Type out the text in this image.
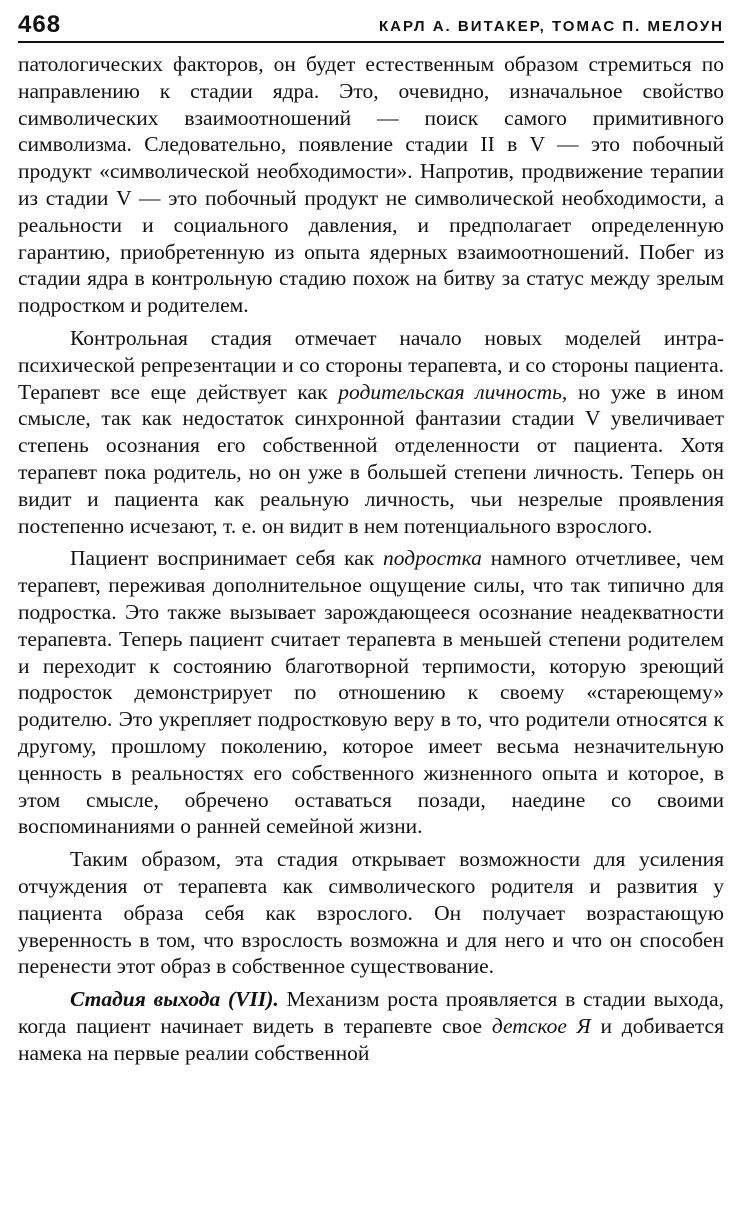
468	КАРЛ А. ВИТАКЕР, ТОМАС П. МЕЛОУН

патологических факторов, он будет естественным образом стремиться по направлению к стадии ядра. Это, очевидно, изначальное свойство символических взаимоотношений — поиск самого примитивного символизма. Следовательно, появление стадии II в V — это побочный продукт «символической необходимости». Напротив, продвижение терапии из стадии V — это побочный продукт не символической необходимости, а реальности и социального давления, и предполагает определенную гарантию, приобретенную из опыта ядерных взаимоотношений. Побег из стадии ядра в контрольную стадию похож на битву за статус между зрелым подростком и родителем.

Контрольная стадия отмечает начало новых моделей интра-психической репрезентации и со стороны терапевта, и со стороны пациента. Терапевт все еще действует как родительская личность, но уже в ином смысле, так как недостаток синхронной фантазии стадии V увеличивает степень осознания его собственной отделенности от пациента. Хотя терапевт пока родитель, но он уже в большей степени личность. Теперь он видит и пациента как реальную личность, чьи незрелые проявления постепенно исчезают, т. е. он видит в нем потенциального взрослого.

Пациент воспринимает себя как подростка намного отчетливее, чем терапевт, переживая дополнительное ощущение силы, что так типично для подростка. Это также вызывает зарождающееся осознание неадекватности терапевта. Теперь пациент считает терапевта в меньшей степени родителем и переходит к состоянию благотворной терпимости, которую зреющий подросток демонстрирует по отношению к своему «стареющему» родителю. Это укрепляет подростковую веру в то, что родители относятся к другому, прошлому поколению, которое имеет весьма незначительную ценность в реальностях его собственного жизненного опыта и которое, в этом смысле, обречено оставаться позади, наедине со своими воспоминаниями о ранней семейной жизни.

Таким образом, эта стадия открывает возможности для усиления отчуждения от терапевта как символического родителя и развития у пациента образа себя как взрослого. Он получает возрастающую уверенность в том, что взрослость возможна и для него и что он способен перенести этот образ в собственное существование.

Стадия выхода (VII). Механизм роста проявляется в стадии выхода, когда пациент начинает видеть в терапевте свое детское Я и добивается намека на первые реалии собственной
